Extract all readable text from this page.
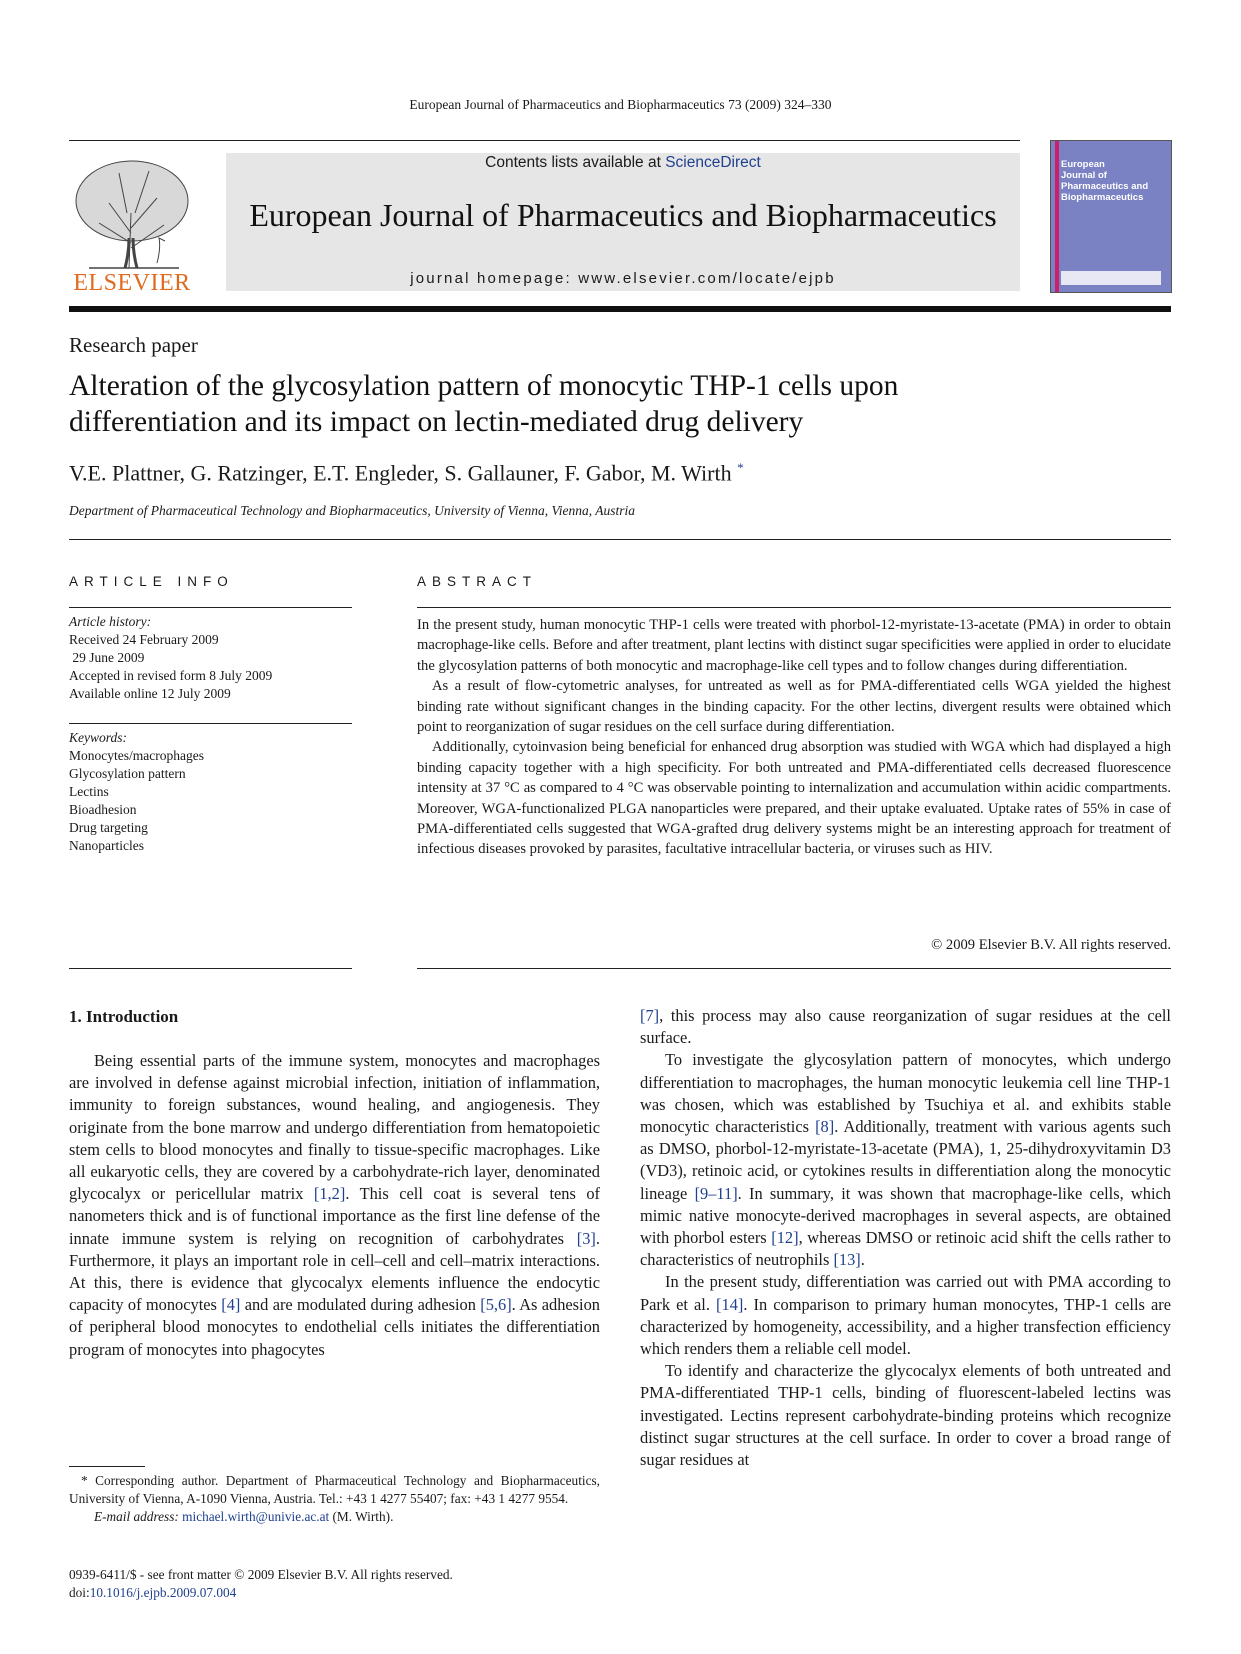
European Journal of Pharmaceutics and Biopharmaceutics 73 (2009) 324–330
ELSEVIER
Contents lists available at ScienceDirect
European Journal of Pharmaceutics and Biopharmaceutics
journal homepage: www.elsevier.com/locate/ejpb
European
Journal of
Pharmaceutics and
Biopharmaceutics
Research paper
Alteration of the glycosylation pattern of monocytic THP-1 cells upon
differentiation and its impact on lectin-mediated drug delivery
V.E. Plattner, G. Ratzinger, E.T. Engleder, S. Gallauner, F. Gabor, M. Wirth *
Department of Pharmaceutical Technology and Biopharmaceutics, University of Vienna, Vienna, Austria
ARTICLE INFO
Article history:
Received 24 February 2009
29 June 2009
Accepted in revised form 8 July 2009
Available online 12 July 2009
Keywords:
Monocytes/macrophages
Glycosylation pattern
Lectins
Bioadhesion
Drug targeting
Nanoparticles
ABSTRACT

In the present study, human monocytic THP-1 cells were treated with phorbol-12-myristate-13-acetate (PMA) in order to obtain macrophage-like cells. Before and after treatment, plant lectins with distinct sugar specificities were applied in order to elucidate the glycosylation patterns of both monocytic and macrophage-like cell types and to follow changes during differentiation.

As a result of flow-cytometric analyses, for untreated as well as for PMA-differentiated cells WGA yielded the highest binding rate without significant changes in the binding capacity. For the other lectins, divergent results were obtained which point to reorganization of sugar residues on the cell surface during differentiation.

Additionally, cytoinvasion being beneficial for enhanced drug absorption was studied with WGA which had displayed a high binding capacity together with a high specificity. For both untreated and PMA-differentiated cells decreased fluorescence intensity at 37 °C as compared to 4 °C was observable pointing to internalization and accumulation within acidic compartments. Moreover, WGA-functionalized PLGA nanoparticles were prepared, and their uptake evaluated. Uptake rates of 55% in case of PMA-differentiated cells suggested that WGA-grafted drug delivery systems might be an interesting approach for treatment of infectious diseases provoked by parasites, facultative intracellular bacteria, or viruses such as HIV.

© 2009 Elsevier B.V. All rights reserved.
1. Introduction

Being essential parts of the immune system, monocytes and macrophages are involved in defense against microbial infection, initiation of inflammation, immunity to foreign substances, wound healing, and angiogenesis. They originate from the bone marrow and undergo differentiation from hematopoietic stem cells to blood monocytes and finally to tissue-specific macrophages. Like all eukaryotic cells, they are covered by a carbohydrate-rich layer, denominated glycocalyx or pericellular matrix [1,2]. This cell coat is several tens of nanometers thick and is of functional importance as the first line defense of the innate immune system is relying on recognition of carbohydrates [3]. Furthermore, it plays an important role in cell–cell and cell–matrix interactions. At this, there is evidence that glycocalyx elements influence the endocytic capacity of monocytes [4] and are modulated during adhesion [5,6]. As adhesion of peripheral blood monocytes to endothelial cells initiates the differentiation program of monocytes into phagocytes

[7], this process may also cause reorganization of sugar residues at the cell surface.

To investigate the glycosylation pattern of monocytes, which undergo differentiation to macrophages, the human monocytic leukemia cell line THP-1 was chosen, which was established by Tsuchiya et al. and exhibits stable monocytic characteristics [8]. Additionally, treatment with various agents such as DMSO, phorbol-12-myristate-13-acetate (PMA), 1, 25-dihydroxyvitamin D3 (VD3), retinoic acid, or cytokines results in differentiation along the monocytic lineage [9–11]. In summary, it was shown that macrophage-like cells, which mimic native monocyte-derived macrophages in several aspects, are obtained with phorbol esters [12], whereas DMSO or retinoic acid shift the cells rather to characteristics of neutrophils [13].

In the present study, differentiation was carried out with PMA according to Park et al. [14]. In comparison to primary human monocytes, THP-1 cells are characterized by homogeneity, accessibility, and a higher transfection efficiency which renders them a reliable cell model.

To identify and characterize the glycocalyx elements of both untreated and PMA-differentiated THP-1 cells, binding of fluorescent-labeled lectins was investigated. Lectins represent carbohydrate-binding proteins which recognize distinct sugar structures at the cell surface. In order to cover a broad range of sugar residues at

* Corresponding author. Department of Pharmaceutical Technology and Biopharmaceutics, University of Vienna, A-1090 Vienna, Austria. Tel.: +43 1 4277 55407; fax: +43 1 4277 9554.

E-mail address: michael.wirth@univie.ac.at (M. Wirth).

0939-6411/$ - see front matter © 2009 Elsevier B.V. All rights reserved.
doi:10.1016/j.ejpb.2009.07.004
